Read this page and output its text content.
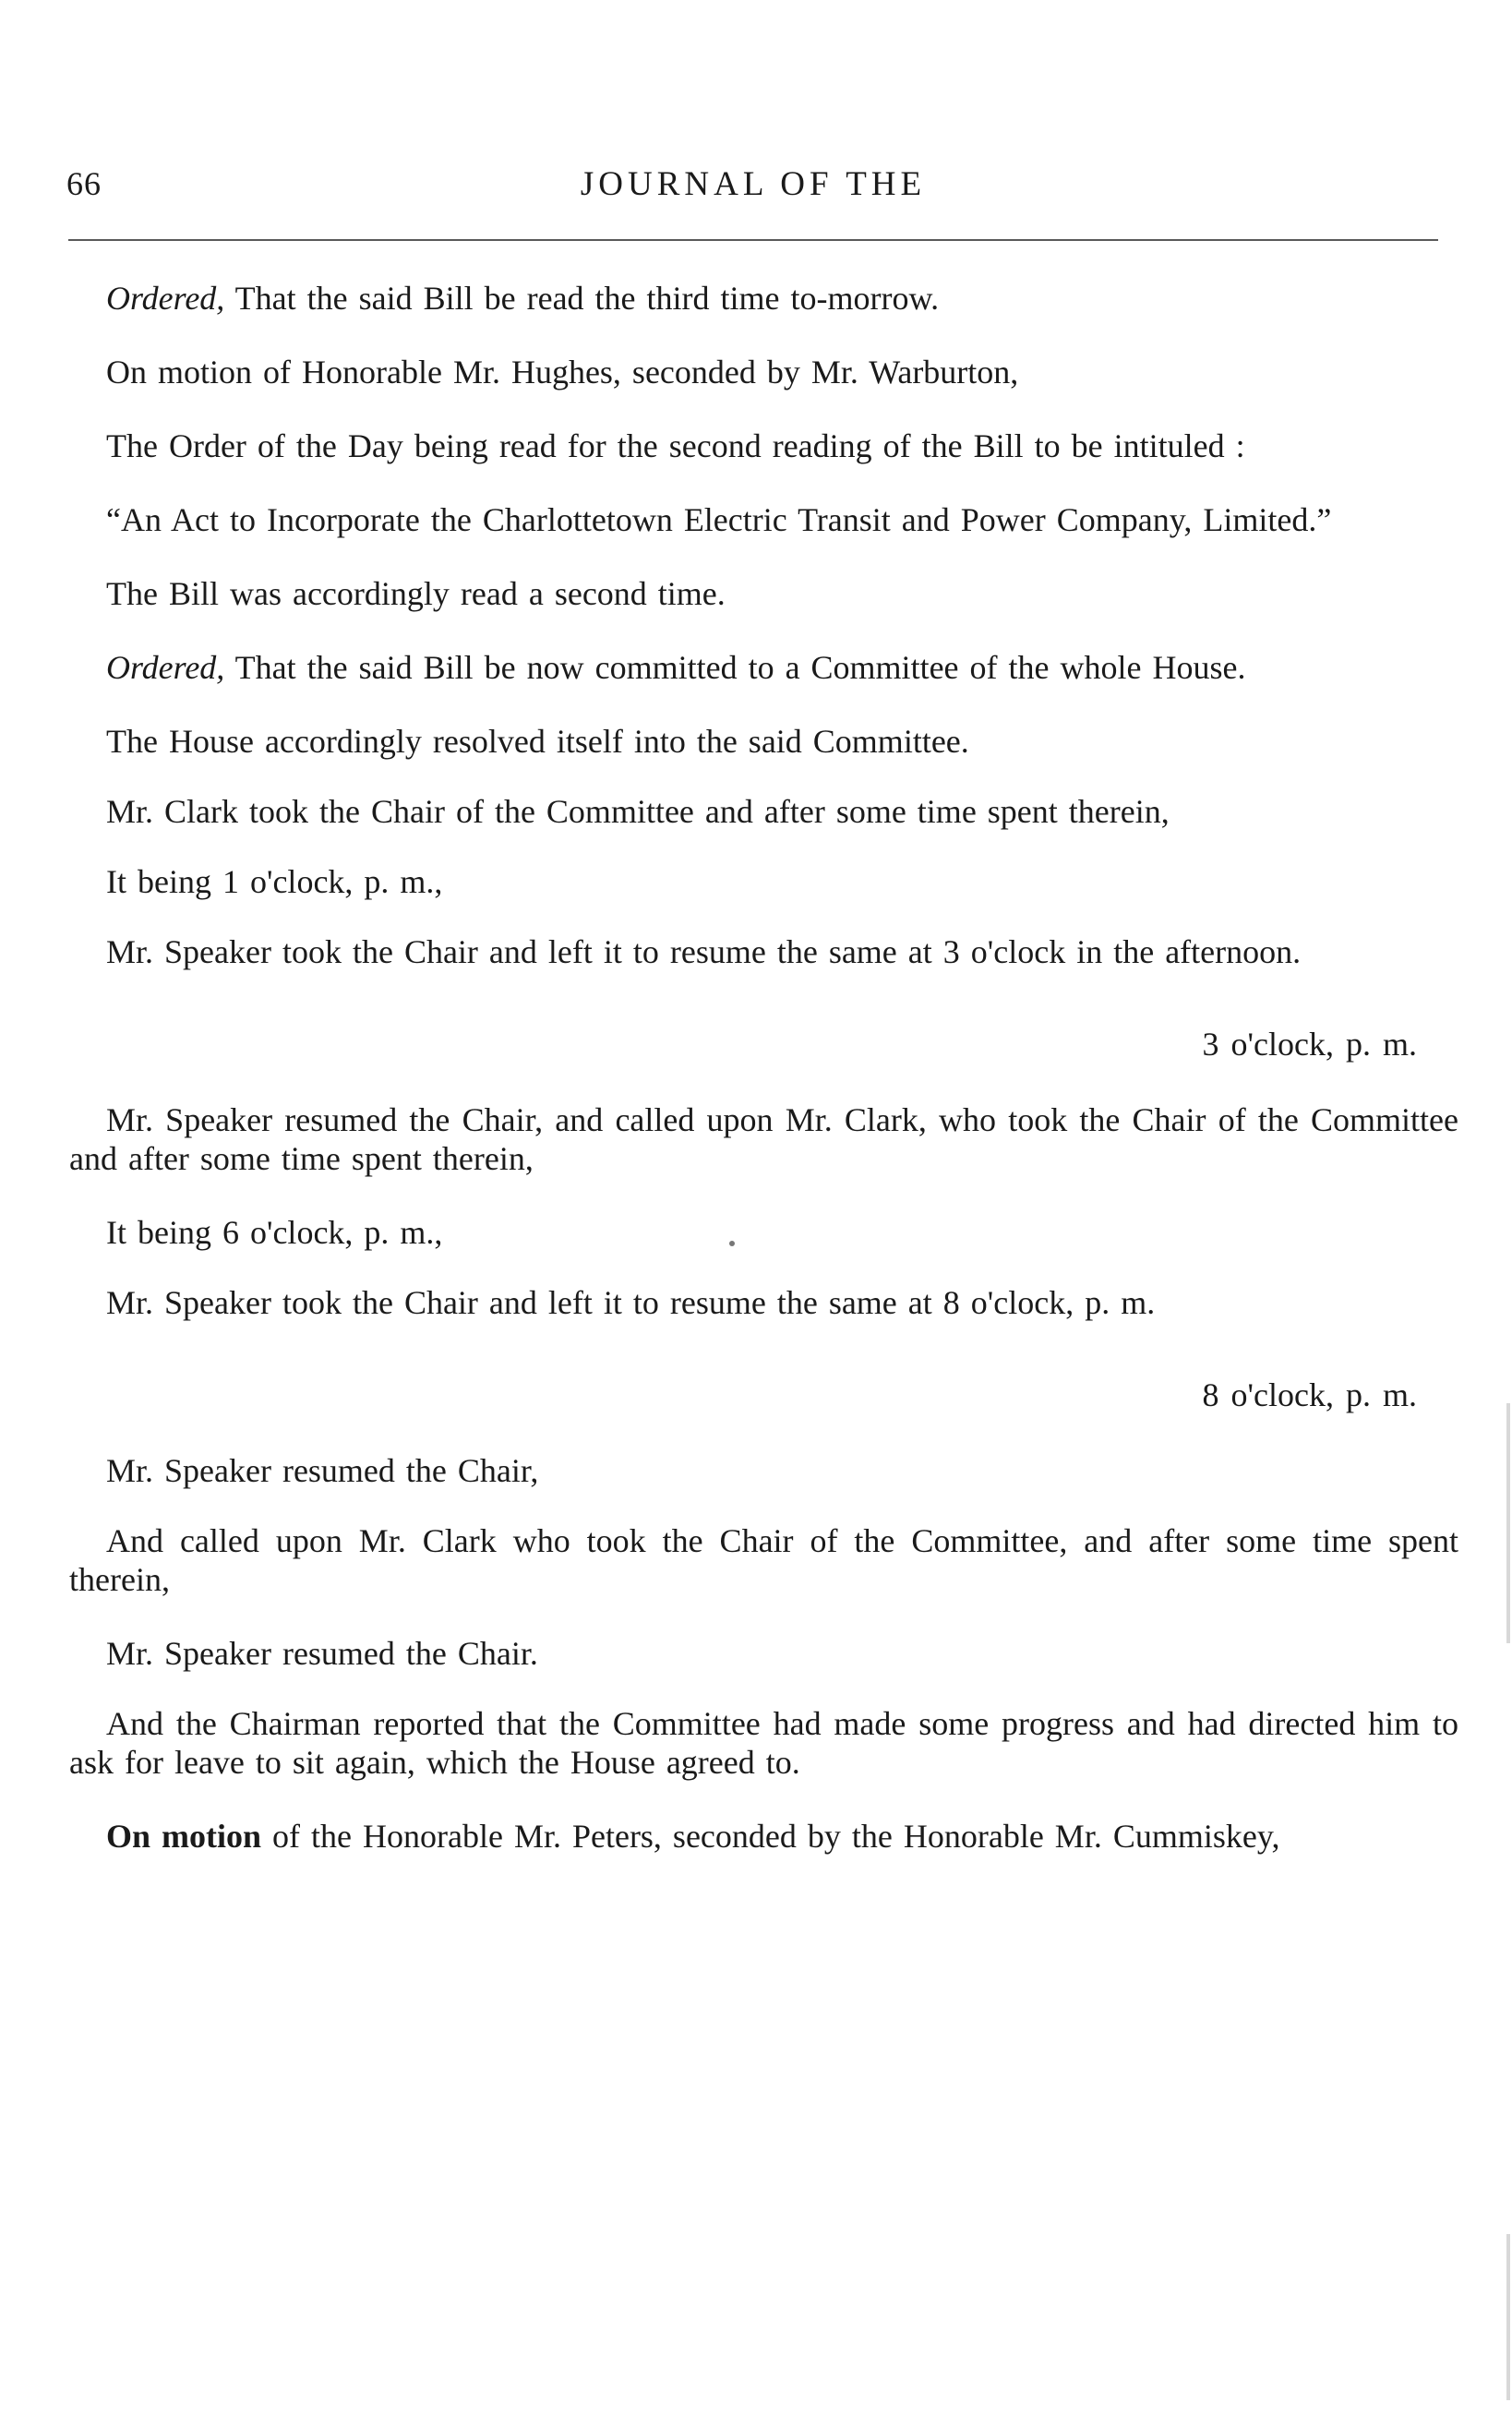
66	JOURNAL OF THE

Ordered, That the said Bill be read the third time to-morrow.

On motion of Honorable Mr. Hughes, seconded by Mr. Warburton,

The Order of the Day being read for the second reading of the Bill to be intituled :

“An Act to Incorporate the Charlottetown Electric Transit and Power Company, Limited.”

The Bill was accordingly read a second time.

Ordered, That the said Bill be now committed to a Committee of the whole House.

The House accordingly resolved itself into the said Committee.

Mr. Clark took the Chair of the Committee and after some time spent therein,

It being 1 o'clock, p. m.,

Mr. Speaker took the Chair and left it to resume the same at 3 o'clock in the afternoon.

3 o'clock, p. m.

Mr. Speaker resumed the Chair, and called upon Mr. Clark, who took the Chair of the Committee and after some time spent therein,

It being 6 o'clock, p. m.,

Mr. Speaker took the Chair and left it to resume the same at 8 o'clock, p. m.

8 o'clock, p. m.

Mr. Speaker resumed the Chair,

And called upon Mr. Clark who took the Chair of the Committee, and after some time spent therein,

Mr. Speaker resumed the Chair.

And the Chairman reported that the Committee had made some progress and had directed him to ask for leave to sit again, which the House agreed to.

On motion of the Honorable Mr. Peters, seconded by the Honorable Mr. Cummiskey,
